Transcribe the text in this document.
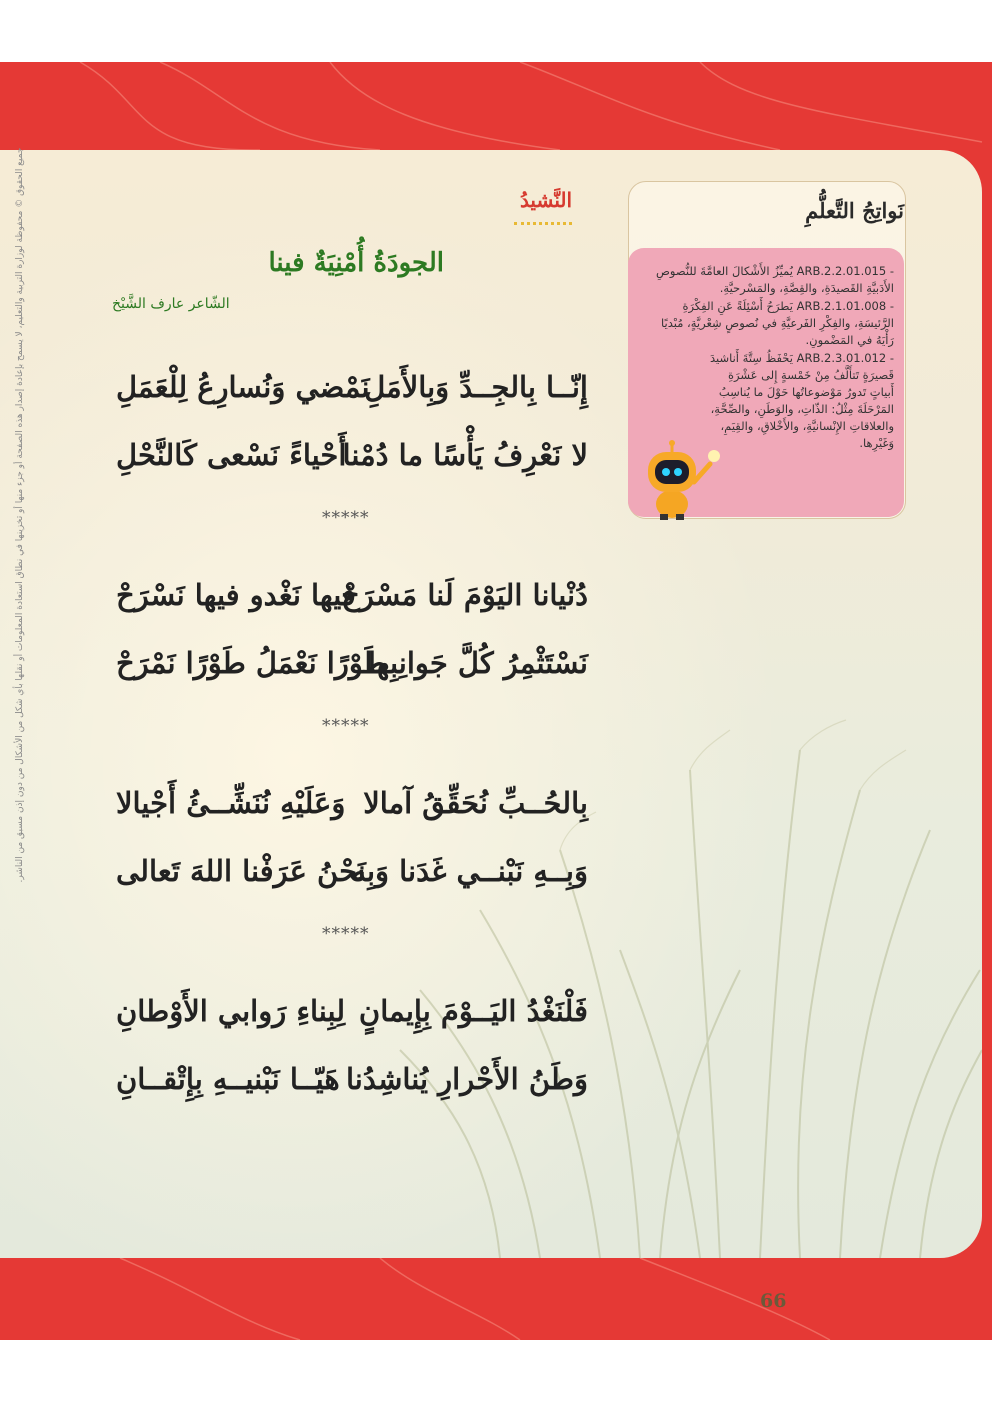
جميع الحقوق © محفوظة لوزارة التربية والتعليم، لا يسمح بإعادة إصدار هذه الصفحة أو جزء منها أو تخزينها في نطاق استعادة المعلومات أو نقلها بأي شكل من الأشكال من دون إذن مسبق من الناشر.	نَواتِجُ التَّعلُّمِ

- ARB.2.2.01.015 يُميِّزُ الأَشْكالَ العامَّةَ للنُّصوصِ الأَدَبيَّةِ القَصيدَةِ، والقِصَّةِ، والمَسْرحيَّةِ.

- ARB.2.1.01.008 يَطرَحُ أَسْئِلَةً عَنِ الفِكْرَةِ الرَّئيسَةِ، والفِكْرِ الفَرعيَّةِ في نُصوصٍ شِعْريَّةٍ، مُبْديًا رَأْيَهُ في المَضْمونِ.

- ARB.2.3.01.012 يَحْفَظُ سِتَّةَ أَناشيدَ قَصيرَةٍ تَتأَلَّفُ مِنْ خَمْسةٍ إِلى عَشْرَةِ أَبياتٍ تَدورُ مَوْضوعاتُها حَوْلَ ما يُناسِبُ المَرْحَلَةَ مِثْلُ: الذّاتِ، والوَطَنِ، والصِّحَّةِ، والعلاقاتِ الإِنْسانيَّةِ، والأَخْلاقِ، والقِيَمِ، وَغَيْرِها.

النَّشيدُ
الجودَةُ أُمْنِيَةٌ فينا
الشّاعر عارف الشَّيْخ
إِنّــا بِالجِــدِّ وَبِالأَمَلِ
نَمْضي وَنُسارِعُ لِلْعَمَلِ
لا نَعْرِفُ يَأْسًا ما دُمْنا
أَحْياءً نَسْعى كَالنَّحْلِ
*****
دُنْيانا اليَوْمَ لَنا مَسْرَحْ
فيها نَغْدو فيها نَسْرَحْ
نَسْتَثْمِرُ كُلَّ جَوانِبِها
طَوْرًا نَعْمَلُ طَوْرًا نَمْرَحْ
*****
بِالحُــبِّ نُحَقِّقُ آمالا
وَعَلَيْهِ نُنَشِّــئُ أَجْيالا
وَبِــهِ نَبْنــي غَدَنا وَبِه
نَحْنُ عَرَفْنا اللهَ تَعالى
*****
فَلْنَغْدُ اليَــوْمَ بِإِيمانٍ
لِبِناءِ رَوابي الأَوْطانِ
وَطَنُ الأَحْرارِ يُناشِدُنا
هَيّــا نَبْنيــهِ بِإِتْقــانِ
66
